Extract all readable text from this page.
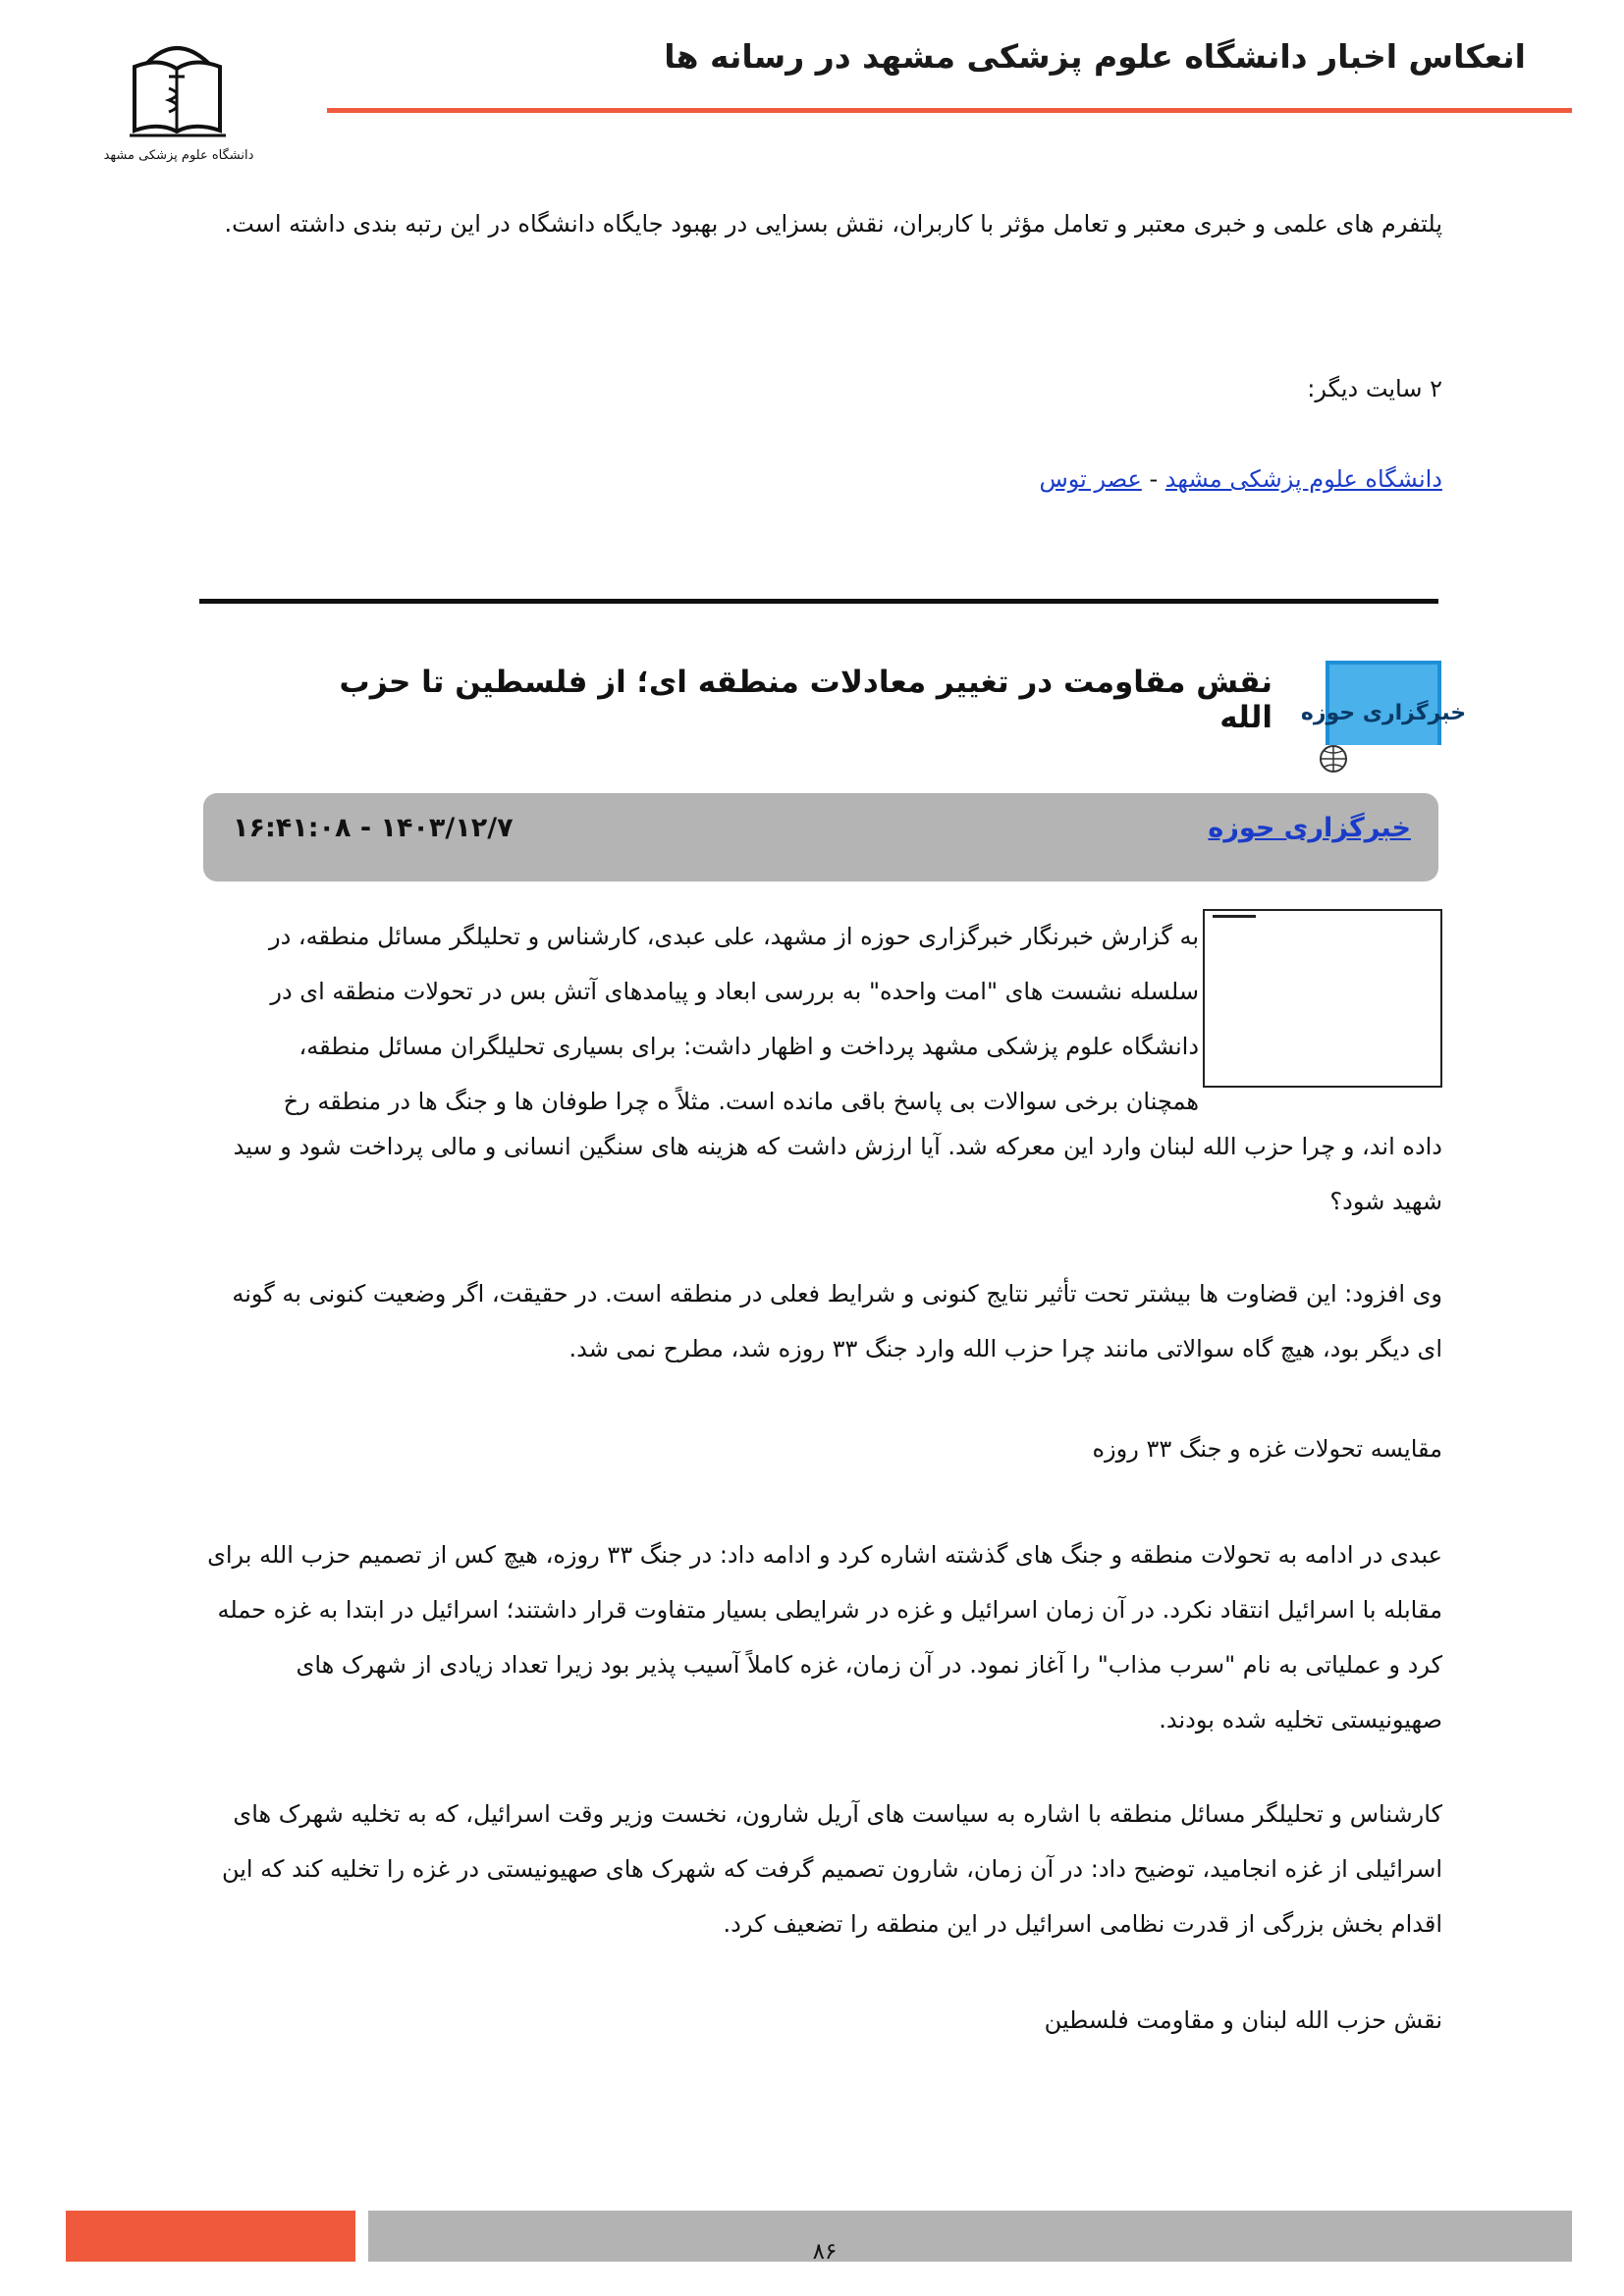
انعکاس اخبار دانشگاه علوم پزشکی مشهد در رسانه ها
دانشگاه علوم پزشکی مشهد
پلتفرم های علمی و خبری معتبر و تعامل مؤثر با کاربران، نقش بسزایی در بهبود جایگاه دانشگاه در این رتبه بندی داشته است.
۲ سایت دیگر:
دانشگاه علوم پزشکی مشهد - عصر توس
نقش مقاومت در تغییر معادلات منطقه ای؛ از فلسطین تا حزب الله خبرگزاری حوزه
خبرگزاری حوزه
۱۶:۴۱:۰۸ - ۱۴۰۳/۱۲/۷
به گزارش خبرنگار خبرگزاری حوزه از مشهد، علی عبدی، کارشناس و تحلیلگر مسائل منطقه، در
سلسله نشست های "امت واحده" به بررسی ابعاد و پیامدهای آتش بس در تحولات منطقه ای در
دانشگاه علوم پزشکی مشهد پرداخت و اظهار داشت: برای بسیاری تحلیلگران مسائل منطقه،
همچنان برخی سوالات بی پاسخ باقی مانده است. مثلاً ه چرا طوفان ها و جنگ ها در منطقه رخ
داده اند، و چرا حزب الله لبنان وارد این معرکه شد. آیا ارزش داشت که هزینه های سنگین انسانی و مالی پرداخت شود و سید شهید شود؟
وی افزود: این قضاوت ها بیشتر تحت تأثیر نتایج کنونی و شرایط فعلی در منطقه است. در حقیقت، اگر وضعیت کنونی به گونه ای دیگر بود، هیچ گاه سوالاتی مانند چرا حزب الله وارد جنگ ۳۳ روزه شد، مطرح نمی شد.
مقایسه تحولات غزه و جنگ ۳۳ روزه
عبدی در ادامه به تحولات منطقه و جنگ های گذشته اشاره کرد و ادامه داد: در جنگ ۳۳ روزه، هیچ کس از تصمیم حزب الله برای مقابله با اسرائیل انتقاد نکرد. در آن زمان اسرائیل و غزه در شرایطی بسیار متفاوت قرار داشتند؛ اسرائیل در ابتدا به غزه حمله کرد و عملیاتی به نام "سرب مذاب" را آغاز نمود. در آن زمان، غزه کاملاً آسیب پذیر بود زیرا تعداد زیادی از شهرک های صهیونیستی تخلیه شده بودند.
کارشناس و تحلیلگر مسائل منطقه با اشاره به سیاست های آریل شارون، نخست وزیر وقت اسرائیل، که به تخلیه شهرک های اسرائیلی از غزه انجامید، توضیح داد: در آن زمان، شارون تصمیم گرفت که شهرک های صهیونیستی در غزه را تخلیه کند که این اقدام بخش بزرگی از قدرت نظامی اسرائیل در این منطقه را تضعیف کرد.
نقش حزب الله لبنان و مقاومت فلسطین
۸۶
